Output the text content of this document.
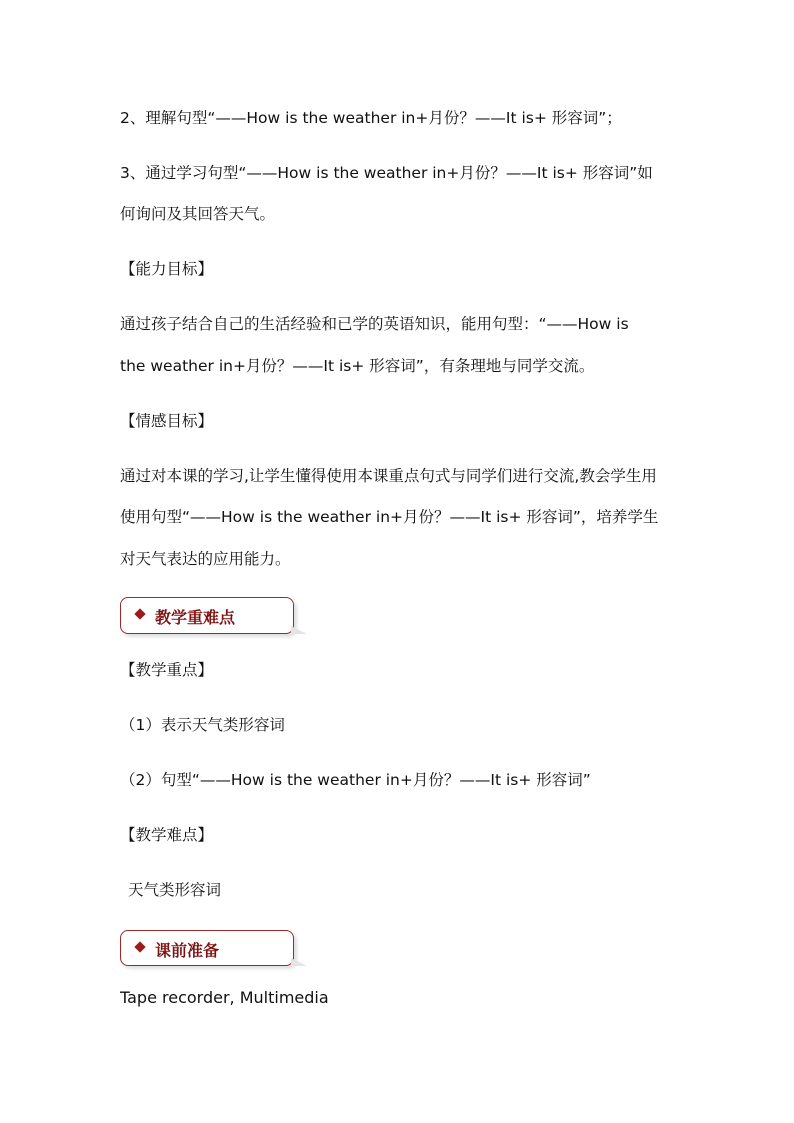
2、理解句型“——How is the weather in+月份？——It is+ 形容词”；
3、通过学习句型“——How is the weather in+月份？——It is+ 形容词”如
何询问及其回答天气。
【能力目标】
通过孩子结合自己的生活经验和已学的英语知识，能用句型：“——How is
the weather in+月份？——It is+ 形容词”，有条理地与同学交流。
【情感目标】
通过对本课的学习,让学生懂得使用本课重点句式与同学们进行交流,教会学生用
使用句型“——How is the weather in+月份？——It is+ 形容词”，培养学生
对天气表达的应用能力。
教学重难点
【教学重点】
（1）表示天气类形容词
（2）句型“——How is the weather in+月份？——It is+ 形容词”
【教学难点】
天气类形容词
课前准备
Tape recorder, Multimedia
